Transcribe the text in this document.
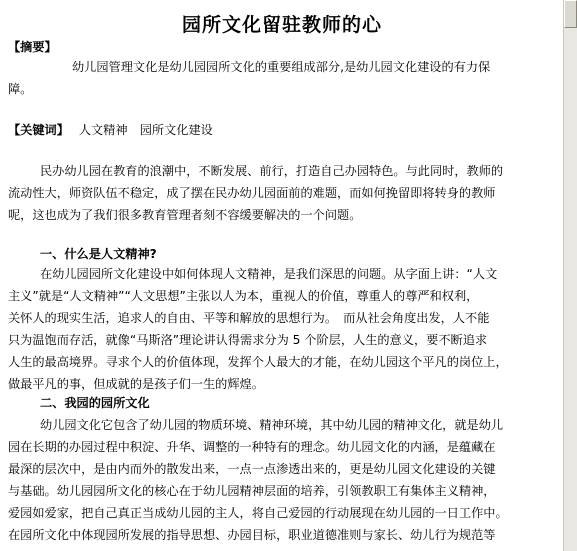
园所文化留驻教师的心
【摘要】
幼儿园管理文化是幼儿园园所文化的重要组成部分,是幼儿园文化建设的有力保
障。
【关键词】 人文精神　园所文化建设
民办幼儿园在教育的浪潮中，不断发展、前行，打造自己办园特色。与此同时，教师的
流动性大，师资队伍不稳定，成了摆在民办幼儿园面前的难题，而如何挽留即将转身的教师
呢，这也成为了我们很多教育管理者刻不容缓要解决的一个问题。
一、什么是人文精神?
在幼儿园园所文化建设中如何体现人文精神，是我们深思的问题。从字面上讲：“人文
主义”就是“人文精神”“人文思想”主张以人为本，重视人的价值，尊重人的尊严和权利，
关怀人的现实生活，追求人的自由、平等和解放的思想行为。　而从社会角度出发，人不能
只为温饱而存活，就像“马斯洛”理论讲认得需求分为 5 个阶层，人生的意义，要不断追求
人生的最高境界。寻求个人的价值体现，发挥个人最大的才能，在幼儿园这个平凡的岗位上，
做最平凡的事，但成就的是孩子们一生的辉煌。
二、我园的园所文化
幼儿园文化它包含了幼儿园的物质环境、精神环境，其中幼儿园的精神文化，就是幼儿
园在长期的办园过程中积淀、升华、调整的一种特有的理念。幼儿园文化的内涵，是蕴藏在
最深的层次中，是由内而外的散发出来，一点一点渗透出来的，更是幼儿园文化建设的关键
与基础。幼儿园园所文化的核心在于幼儿园精神层面的培养，引领教职工有集体主义精神，
爱园如爱家，把自己真正当成幼儿园的主人，将自己爱园的行动展现在幼儿园的一日工作中。
在园所文化中体现园所发展的指导思想、办园目标，职业道德准则与家长、幼儿行为规范等
